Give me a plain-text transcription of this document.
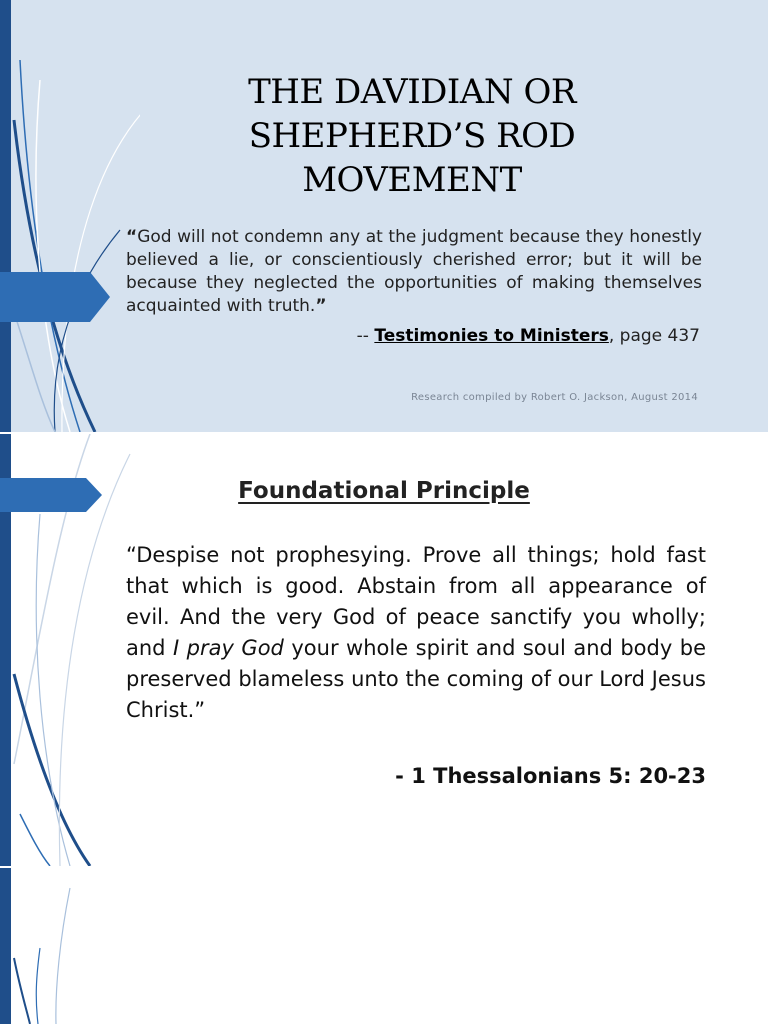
THE DAVIDIAN OR
SHEPHERD’S ROD
MOVEMENT
“God will not condemn any at the judgment because they honestly believed a lie, or conscientiously cherished error; but it will be because they neglected the opportunities of making themselves acquainted with truth.”
-- Testimonies to Ministers, page 437
Research compiled by Robert O. Jackson, August 2014
Foundational Principle
“Despise not prophesying. Prove all things; hold fast that which is good. Abstain from all appearance of evil. And the very God of peace sanctify you wholly; and I pray God your whole spirit and soul and body be preserved blameless unto the coming of our Lord Jesus Christ.”
- 1 Thessalonians 5: 20-23
